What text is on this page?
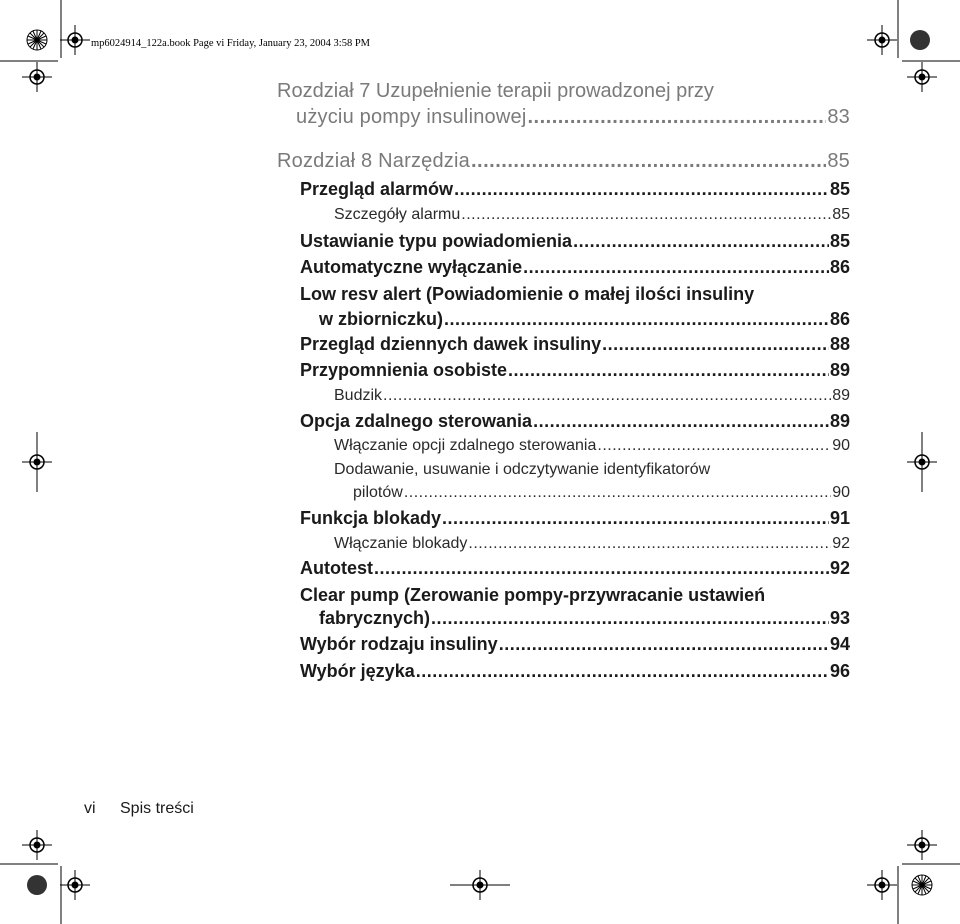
mp6024914_122a.book Page vi Friday, January 23, 2004 3:58 PM
Rozdział 7 Uzupełnienie terapii prowadzonej przy
użyciu pompy insulinowej .....	83
Rozdział 8 Narzędzia .....	85
Przegląd alarmów .....	85
Szczegóły alarmu .....	85
Ustawianie typu powiadomienia .....	85
Automatyczne wyłączanie .....	86
Low resv alert (Powiadomienie o małej ilości insuliny
w zbiorniczku) .....	86
Przegląd dziennych dawek insuliny .....	88
Przypomnienia osobiste .....	89
Budzik .....	89
Opcja zdalnego sterowania .....	89
Włączanie opcji zdalnego sterowania .....	90
Dodawanie, usuwanie i odczytywanie identyfikatorów
pilotów .....	90
Funkcja blokady .....	91
Włączanie blokady .....	92
Autotest .....	92
Clear pump (Zerowanie pompy-przywracanie ustawień
fabrycznych) .....	93
Wybór rodzaju insuliny .....	94
Wybór języka .....	96
vi Spis treści
